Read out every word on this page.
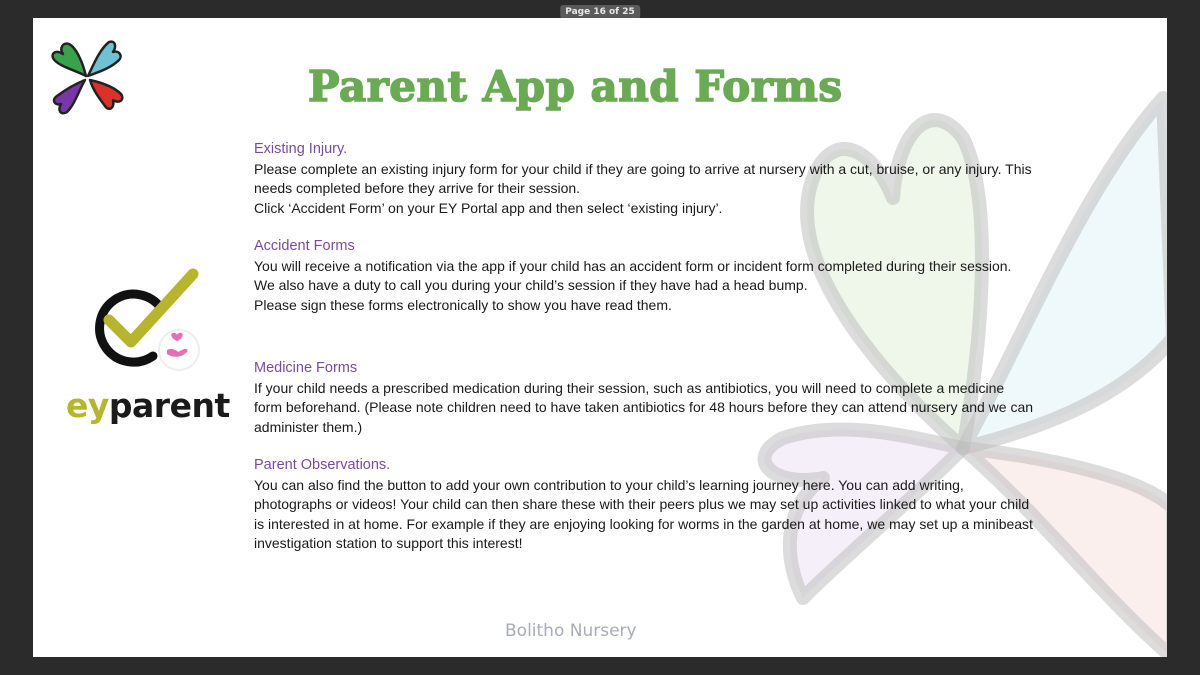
Page 16 of 25
Parent App and Forms
eyparent
Existing Injury.

Please complete an existing injury form for your child if they are going to arrive at nursery with a cut, bruise, or any injury. This needs completed before they arrive for their session.

Click ‘Accident Form’ on your EY Portal app and then select ‘existing injury’.

Accident Forms

You will receive a notification via the app if your child has an accident form or incident form completed during their session. We also have a duty to call you during your child’s session if they have had a head bump.

Please sign these forms electronically to show you have read them.

Medicine Forms

If your child needs a prescribed medication during their session, such as antibiotics, you will need to complete a medicine form beforehand. (Please note children need to have taken antibiotics for 48 hours before they can attend nursery and we can administer them.)

Parent Observations.

You can also find the button to add your own contribution to your child’s learning journey here. You can add writing, photographs or videos! Your child can then share these with their peers plus we may set up activities linked to what your child is interested in at home. For example if they are enjoying looking for worms in the garden at home, we may set up a minibeast investigation station to support this interest!

Bolitho Nursery
